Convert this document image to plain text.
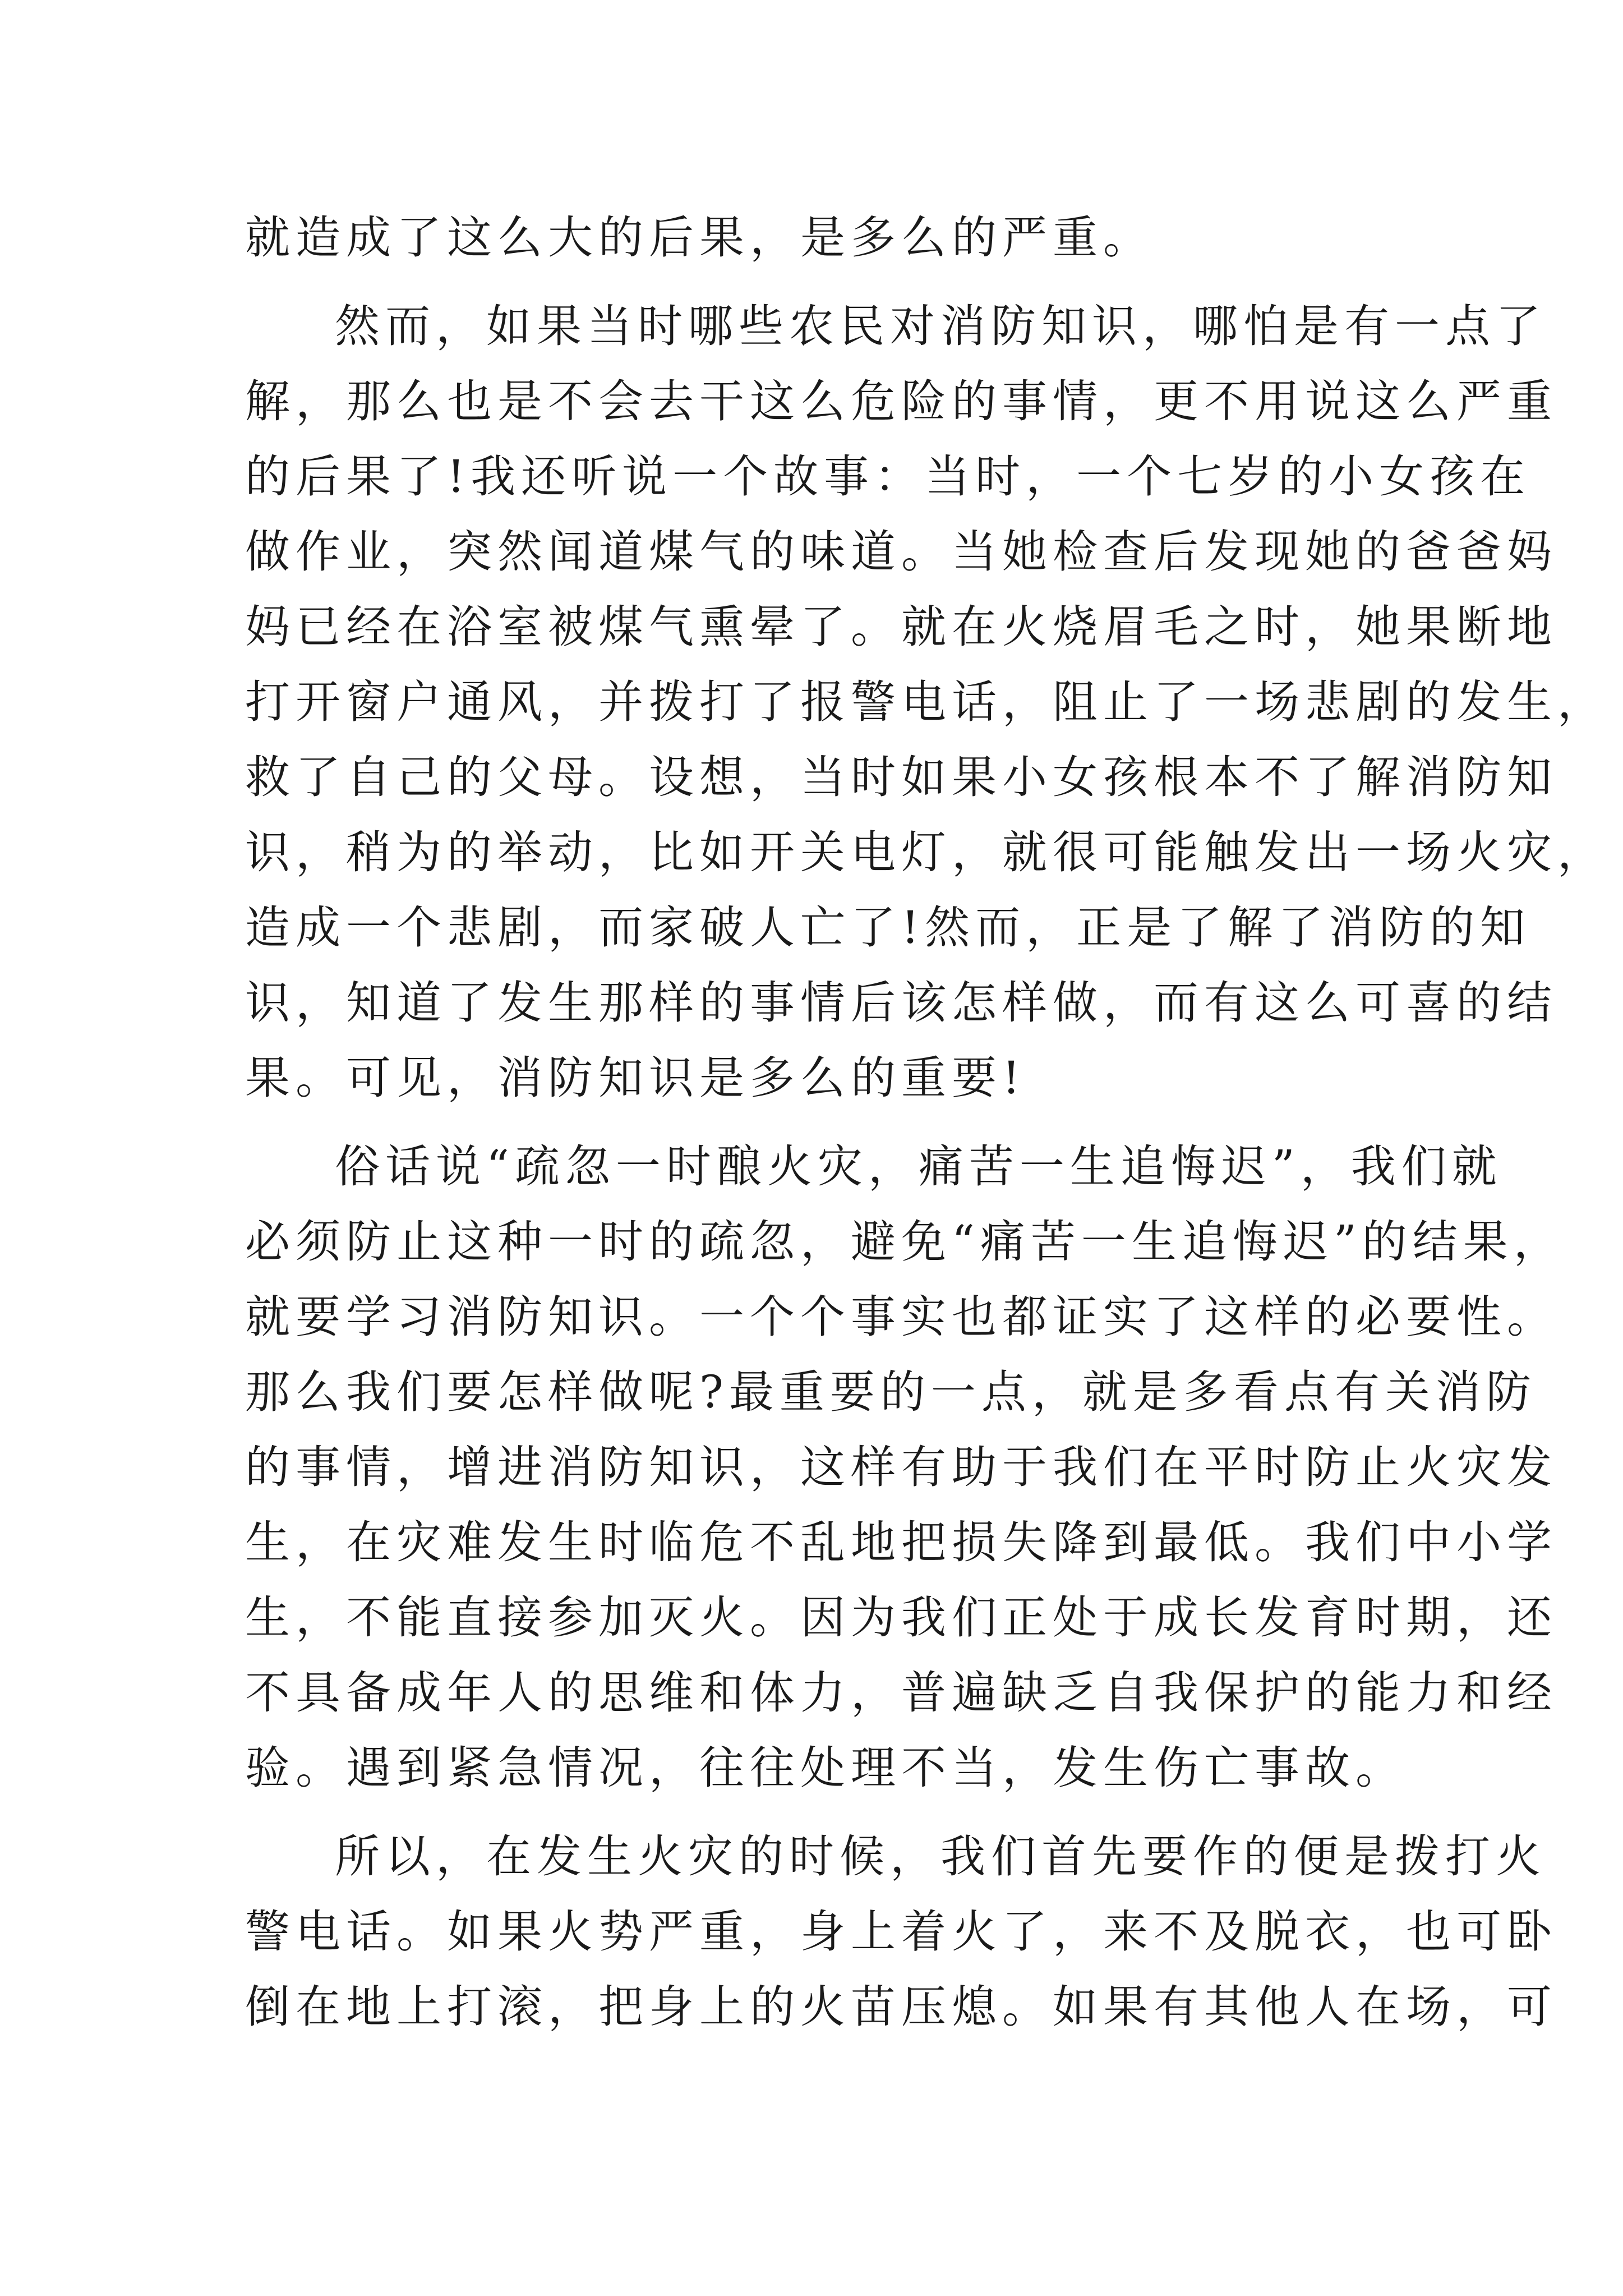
就造成了这么大的后果，是多么的严重。
然而，如果当时哪些农民对消防知识，哪怕是有一点了
解，那么也是不会去干这么危险的事情，更不用说这么严重
的后果了!我还听说一个故事：当时，一个七岁的小女孩在
做作业，突然闻道煤气的味道。当她检查后发现她的爸爸妈
妈已经在浴室被煤气熏晕了。就在火烧眉毛之时，她果断地
打开窗户通风，并拨打了报警电话，阻止了一场悲剧的发生，
救了自己的父母。设想，当时如果小女孩根本不了解消防知
识，稍为的举动，比如开关电灯，就很可能触发出一场火灾，
造成一个悲剧，而家破人亡了!然而，正是了解了消防的知
识，知道了发生那样的事情后该怎样做，而有这么可喜的结
果。可见，消防知识是多么的重要!
俗话说“疏忽一时酿火灾，痛苦一生追悔迟”，我们就
必须防止这种一时的疏忽，避免“痛苦一生追悔迟”的结果，
就要学习消防知识。一个个事实也都证实了这样的必要性。
那么我们要怎样做呢?最重要的一点，就是多看点有关消防
的事情，增进消防知识，这样有助于我们在平时防止火灾发
生，在灾难发生时临危不乱地把损失降到最低。我们中小学
生，不能直接参加灭火。因为我们正处于成长发育时期，还
不具备成年人的思维和体力，普遍缺乏自我保护的能力和经
验。遇到紧急情况，往往处理不当，发生伤亡事故。
所以，在发生火灾的时候，我们首先要作的便是拨打火
警电话。如果火势严重，身上着火了，来不及脱衣，也可卧
倒在地上打滚，把身上的火苗压熄。如果有其他人在场，可
